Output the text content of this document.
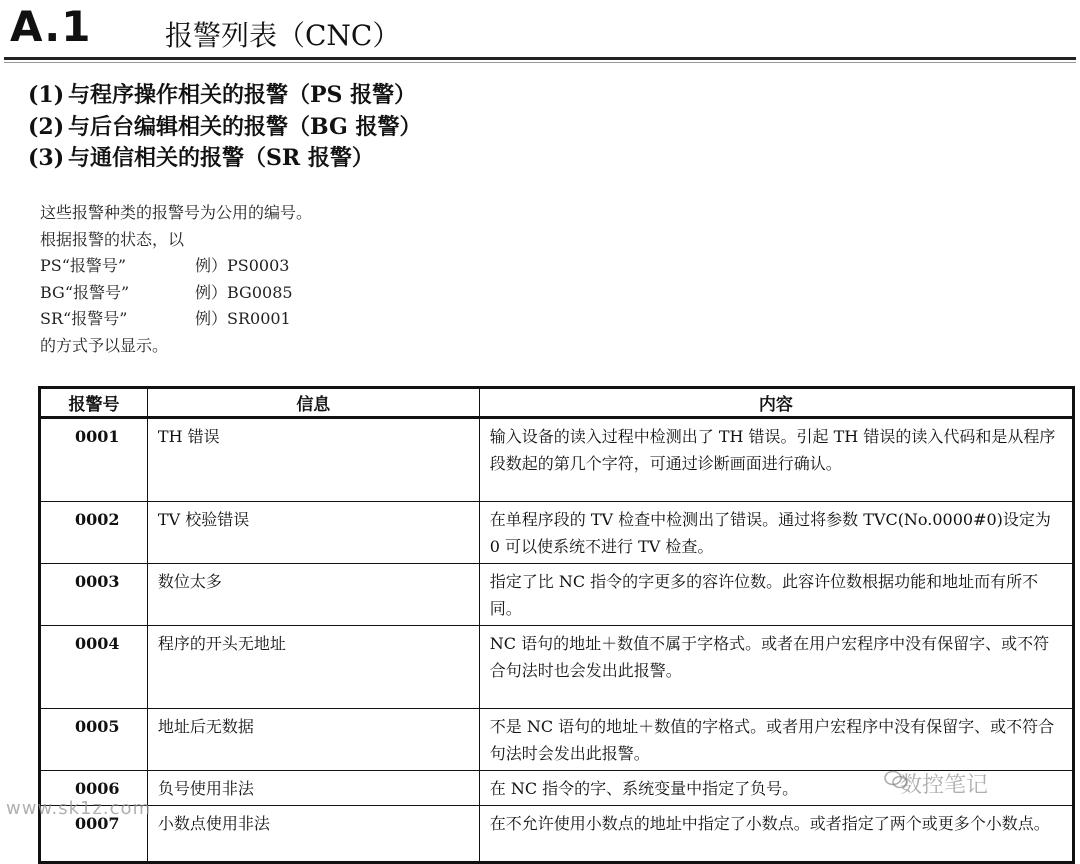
A.1	报警列表（CNC）
(1) 与程序操作相关的报警（PS 报警）
(2) 与后台编辑相关的报警（BG 报警）
(3) 与通信相关的报警（SR 报警）
这些报警种类的报警号为公用的编号。
根据报警的状态，以
PS“报警号”	例）PS0003
BG“报警号”	例）BG0085
SR“报警号”	例）SR0001
的方式予以显示。
报警号	信息	内容
0001	TH 错误	输入设备的读入过程中检测出了 TH 错误。引起 TH 错误的读入代码和是从程序段数起的第几个字符，可通过诊断画面进行确认。
0002	TV 校验错误	在单程序段的 TV 检查中检测出了错误。通过将参数 TVC(No.0000#0)设定为 0 可以使系统不进行 TV 检查。
0003	数位太多	指定了比 NC 指令的字更多的容许位数。此容许位数根据功能和地址而有所不同。
0004	程序的开头无地址	NC 语句的地址＋数值不属于字格式。或者在用户宏程序中没有保留字、或不符合句法时也会发出此报警。
0005	地址后无数据	不是 NC 语句的地址＋数值的字格式。或者用户宏程序中没有保留字、或不符合句法时会发出此报警。
0006	负号使用非法	在 NC 指令的字、系统变量中指定了负号。
0007	小数点使用非法	在不允许使用小数点的地址中指定了小数点。或者指定了两个或更多个小数点。
数控笔记
www.sk1z.com
